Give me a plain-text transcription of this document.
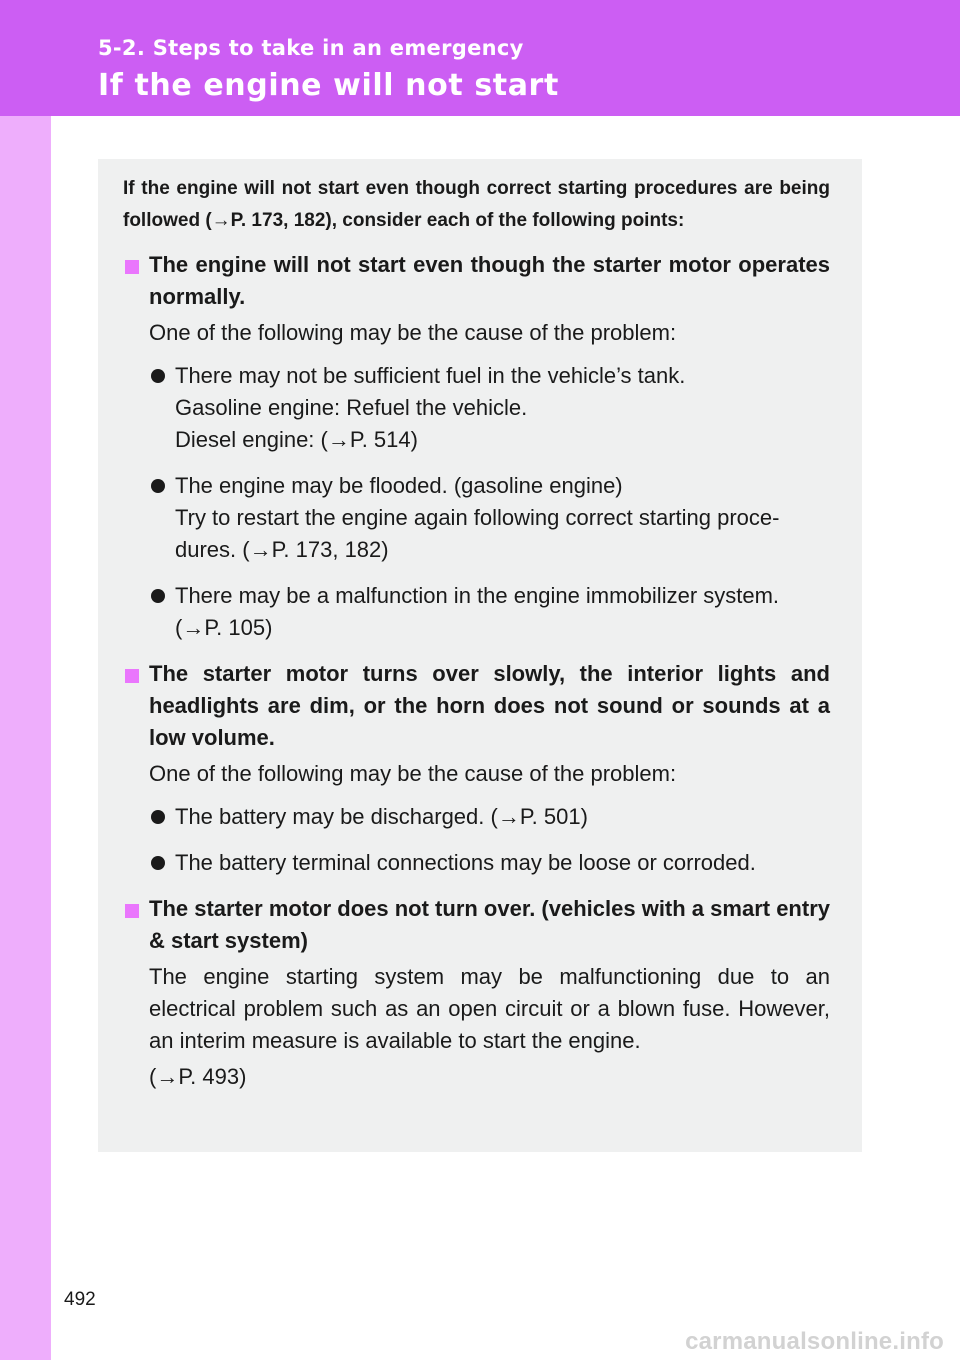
5-2. Steps to take in an emergency
If the engine will not start

If the engine will not start even though correct starting procedures are being followed (→P. 173, 182), consider each of the following points:

The engine will not start even though the starter motor operates normally.
One of the following may be the cause of the problem:
There may not be sufficient fuel in the vehicle’s tank.
Gasoline engine: Refuel the vehicle.
Diesel engine: (→P. 514)
The engine may be flooded. (gasoline engine)
Try to restart the engine again following correct starting proce-
dures. (→P. 173, 182)
There may be a malfunction in the engine immobilizer system.
(→P. 105)
The starter motor turns over slowly, the interior lights and headlights are dim, or the horn does not sound or sounds at a low volume.
One of the following may be the cause of the problem:
The battery may be discharged. (→P. 501)
The battery terminal connections may be loose or corroded.
The starter motor does not turn over. (vehicles with a smart entry & start system)
The engine starting system may be malfunctioning due to an electrical problem such as an open circuit or a blown fuse. However, an interim measure is available to start the engine.
(→P. 493)
492
carmanualsonline.info
